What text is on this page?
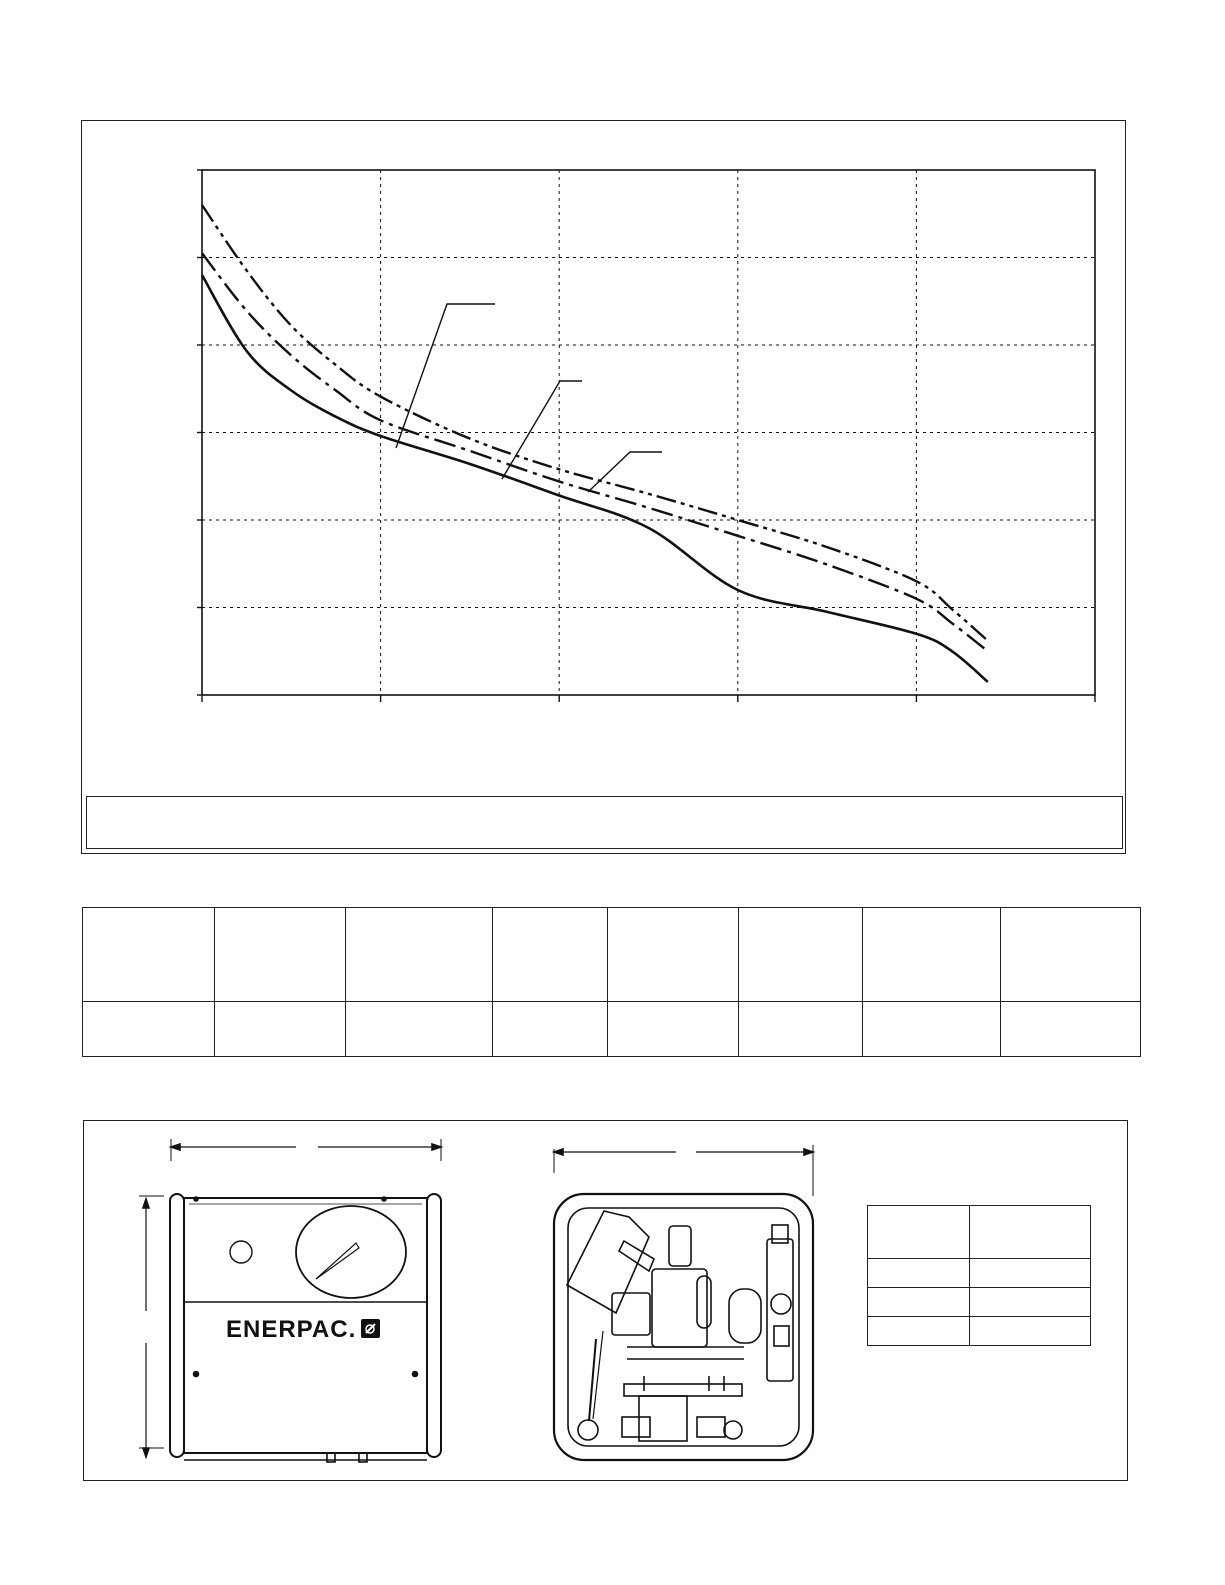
ENERPAC.
